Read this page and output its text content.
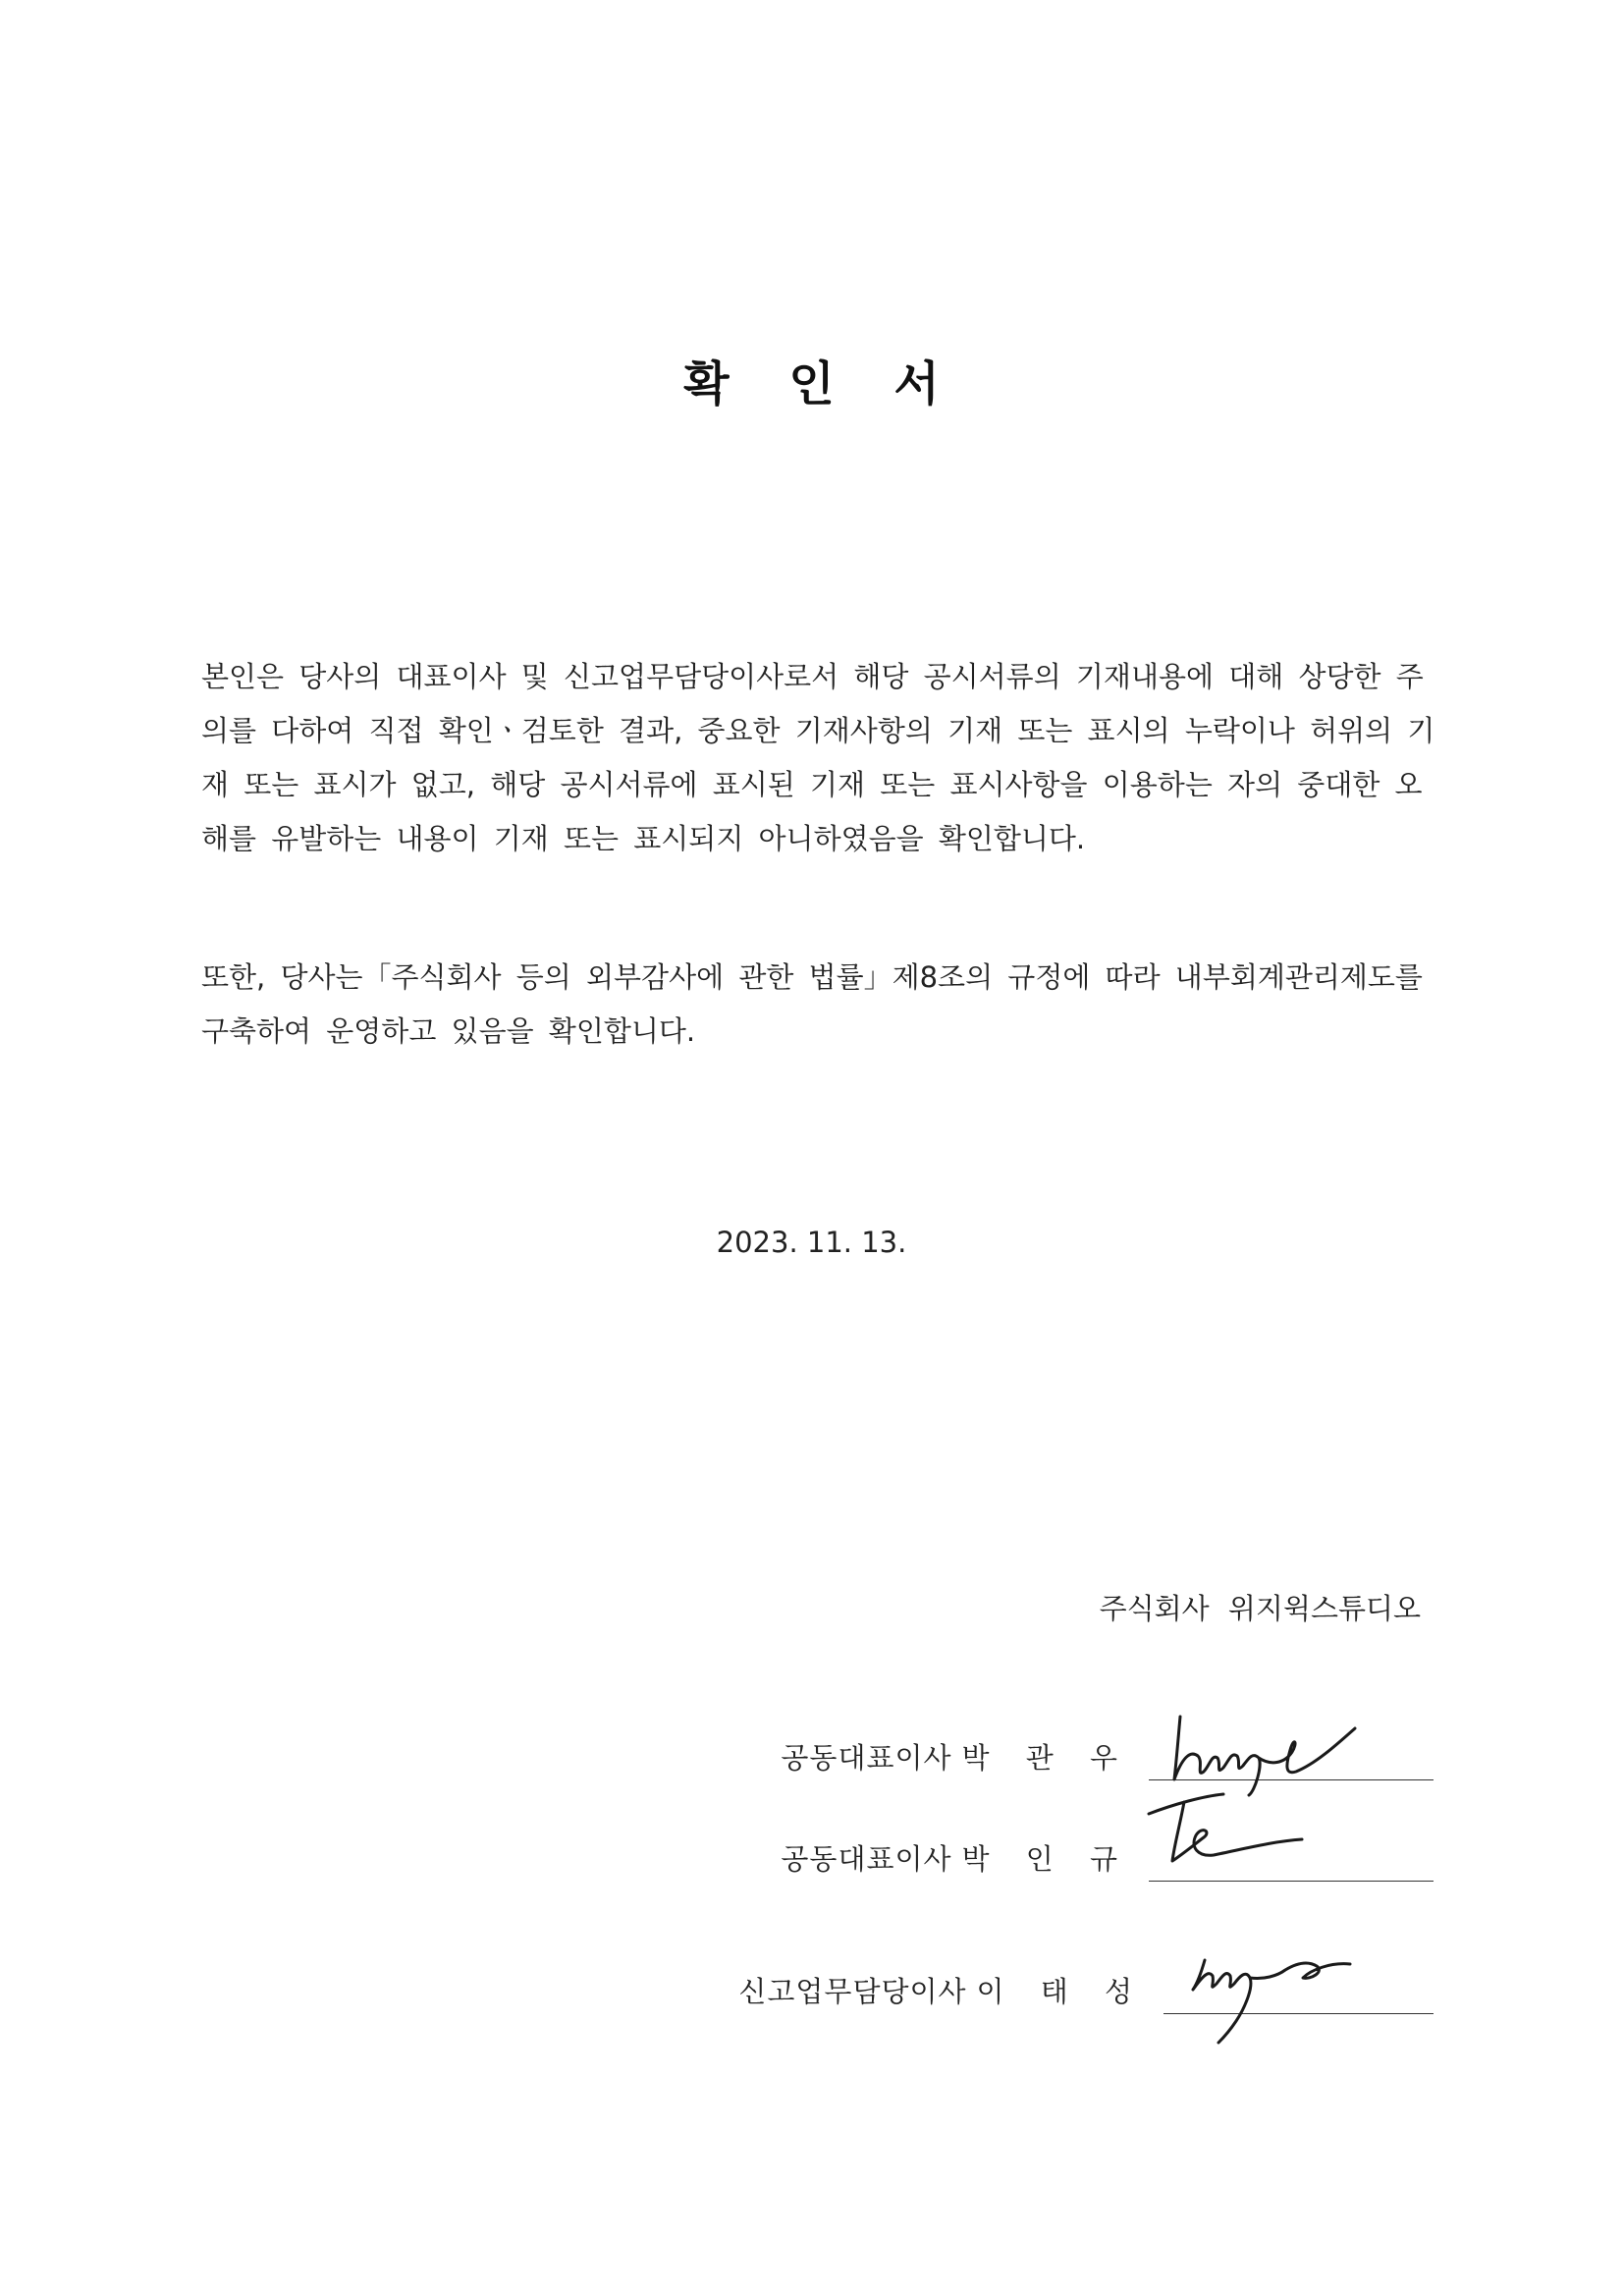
확 인 서
본인은 당사의 대표이사 및 신고업무담당이사로서 해당 공시서류의 기재내용에 대해 상당한 주의를 다하여 직접 확인ㆍ검토한 결과, 중요한 기재사항의 기재 또는 표시의 누락이나 허위의 기재 또는 표시가 없고, 해당 공시서류에 표시된 기재 또는 표시사항을 이용하는 자의 중대한 오해를 유발하는 내용이 기재 또는 표시되지 아니하였음을 확인합니다.
또한, 당사는「주식회사 등의 외부감사에 관한 법률」제8조의 규정에 따라 내부회계관리제도를 구축하여 운영하고 있음을 확인합니다.
2023. 11. 13.
주식회사 위지윅스튜디오
공동대표이사 박 관 우
공동대표이사 박 인 규
신고업무담당이사 이 태 성
